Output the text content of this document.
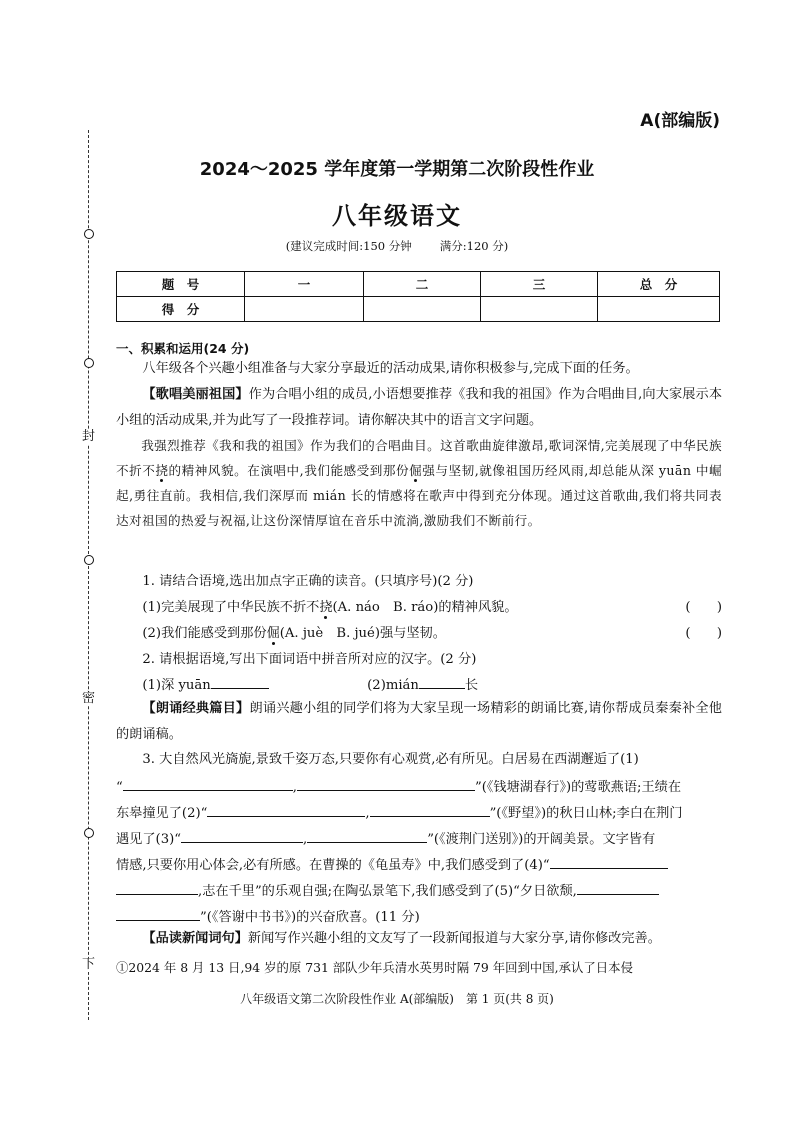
封
密
下
A(部编版)
2024～2025 学年度第一学期第二次阶段性作业
八年级语文
(建议完成时间:150 分钟 满分:120 分)
题　号	一	二	三	总　分
得　分				
一、积累和运用(24 分)
八年级各个兴趣小组准备与大家分享最近的活动成果,请你积极参与,完成下面的任务。
【歌唱美丽祖国】作为合唱小组的成员,小语想要推荐《我和我的祖国》作为合唱曲目,向大家展示本小组的活动成果,并为此写了一段推荐词。请你解决其中的语言文字问题。
我强烈推荐《我和我的祖国》作为我们的合唱曲目。这首歌曲旋律激昂,歌词深情,完美展现了中华民族不折不挠的精神风貌。在演唱中,我们能感受到那份倔强与坚韧,就像祖国历经风雨,却总能从深 yuān 中崛起,勇往直前。我相信,我们深厚而 mián 长的情感将在歌声中得到充分体现。通过这首歌曲,我们将共同表达对祖国的热爱与祝福,让这份深情厚谊在音乐中流淌,激励我们不断前行。
1. 请结合语境,选出加点字正确的读音。(只填序号)(2 分)
(1)完美展现了中华民族不折不挠(A. náo　B. ráo)的精神风貌。	(　　)
(2)我们能感受到那份倔(A. juè　B. jué)强与坚韧。	(　　)
2. 请根据语境,写出下面词语中拼音所对应的汉字。(2 分)
(1)深 yuān	(2)mián	长
【朗诵经典篇目】朗诵兴趣小组的同学们将为大家呈现一场精彩的朗诵比赛,请你帮成员秦秦补全他的朗诵稿。
3. 大自然风光旖旎,景致千姿万态,只要你有心观赏,必有所见。白居易在西湖邂逅了(1)
“	,	”(《钱塘湖春行》)的莺歌燕语;王绩在
东皋撞见了(2)“	,	”(《野望》)的秋日山林;李白在荆门
遇见了(3)“	,	”(《渡荆门送别》)的开阔美景。文字皆有
情感,只要你用心体会,必有所感。在曹操的《龟虽寿》中,我们感受到了(4)“
,志在千里”的乐观自强;在陶弘景笔下,我们感受到了(5)“夕日欲颓,
”(《答谢中书书》)的兴奋欣喜。(11 分)
【品读新闻词句】新闻写作兴趣小组的文友写了一段新闻报道与大家分享,请你修改完善。
①2024 年 8 月 13 日,94 岁的原 731 部队少年兵清水英男时隔 79 年回到中国,承认了日本侵
八年级语文第二次阶段性作业 A(部编版)　第 1 页(共 8 页)
